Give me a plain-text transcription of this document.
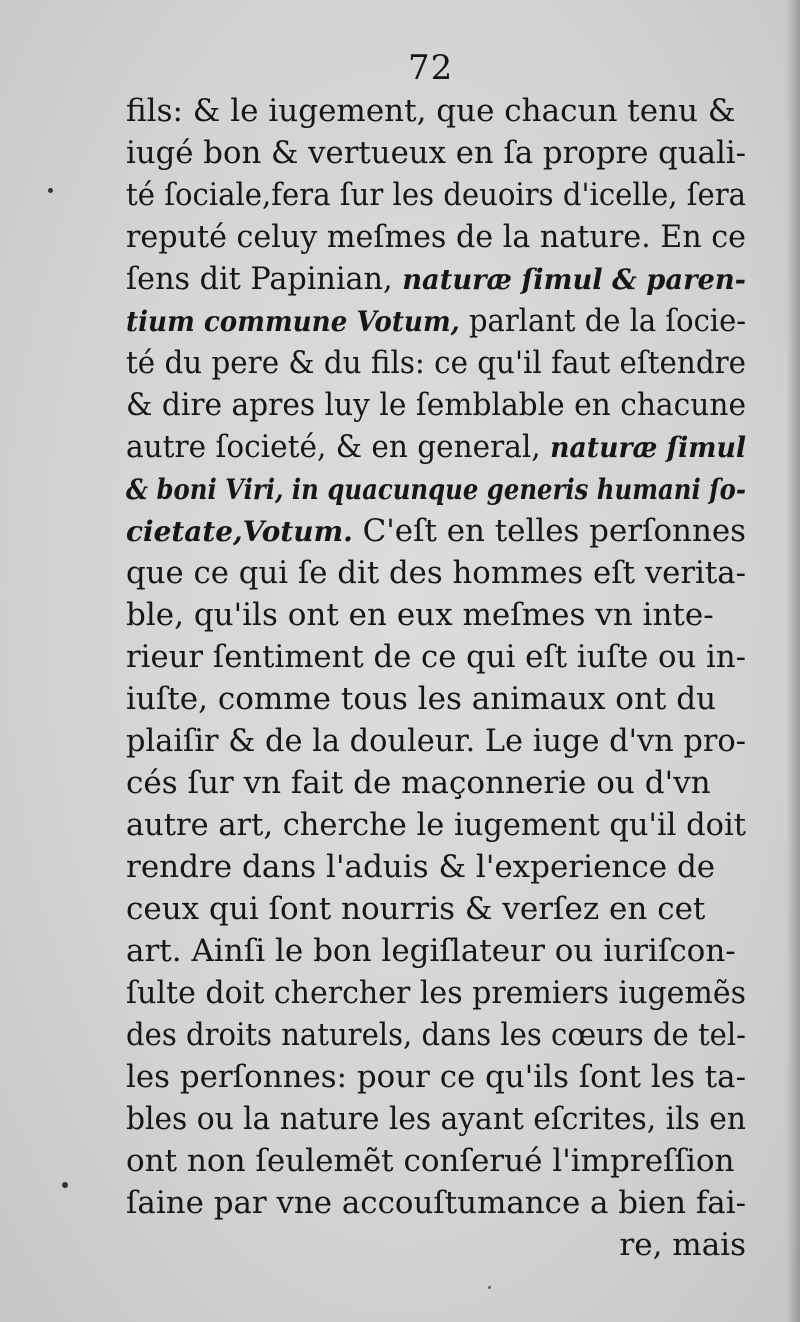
72
fils: & le iugement, que chacun tenu &
iugé bon & vertueux en ſa propre quali-
té ſociale,fera ſur les deuoirs d'icelle, ſera
reputé celuy meſmes de la nature. En ce
ſens dit Papinian, naturæ ſimul & paren-
tium commune Votum, parlant de la ſocie-
té du pere & du fils: ce qu'il faut eſtendre
& dire apres luy le ſemblable en chacune
autre ſocieté, & en general, naturæ ſimul
& boni Viri, in quacunque generis humani ſo-
cietate,Votum. C'eſt en telles perſonnes
que ce qui ſe dit des hommes eſt verita-
ble, qu'ils ont en eux meſmes vn inte-
rieur ſentiment de ce qui eſt iuſte ou in-
iuſte, comme tous les animaux ont du
plaiſir & de la douleur. Le iuge d'vn pro-
cés ſur vn fait de maçonnerie ou d'vn
autre art, cherche le iugement qu'il doit
rendre dans l'aduis & l'experience de
ceux qui ſont nourris & verſez en cet
art. Ainſi le bon legiſlateur ou iuriſcon-
ſulte doit chercher les premiers iugemẽs
des droits naturels, dans les cœurs de tel-
les perſonnes: pour ce qu'ils ſont les ta-
bles ou la nature les ayant eſcrites, ils en
ont non ſeulemẽt conſerué l'impreſſion
ſaine par vne accouſtumance a bien fai-
re, mais
